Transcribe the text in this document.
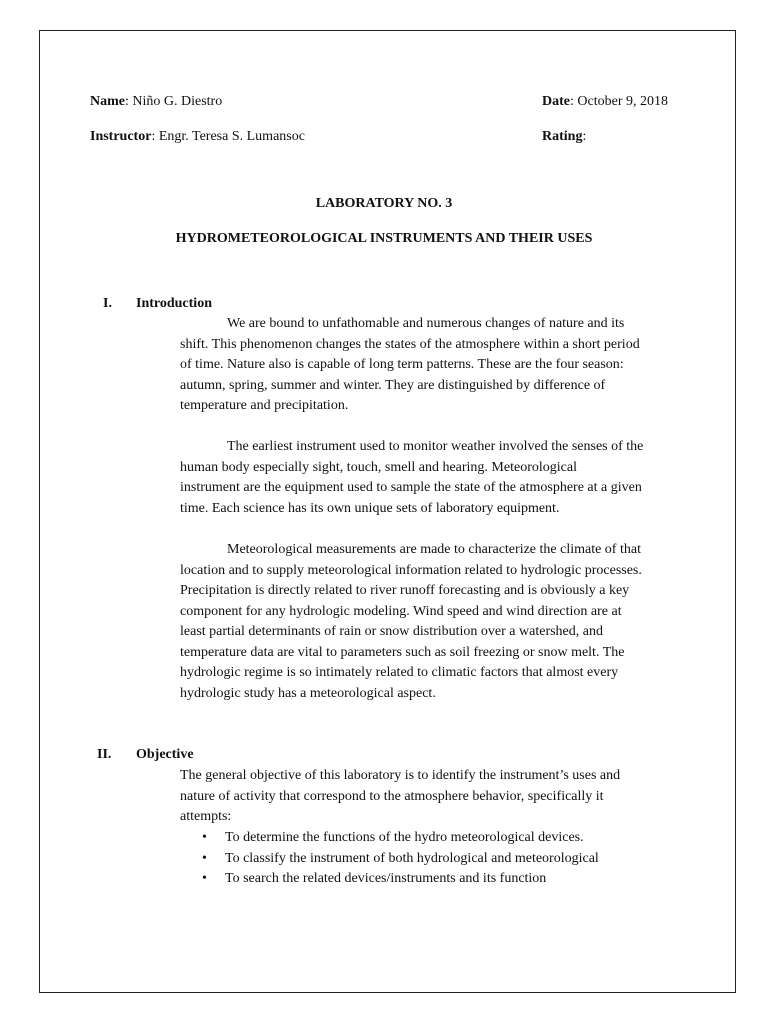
Name: Niño G. Diestro	Date: October 9, 2018
Instructor: Engr. Teresa S. Lumansoc	Rating:
LABORATORY NO. 3
HYDROMETEOROLOGICAL INSTRUMENTS AND THEIR USES
I. Introduction
We are bound to unfathomable and numerous changes of nature and its
shift. This phenomenon changes the states of the atmosphere within a short period
of time. Nature also is capable of long term patterns. These are the four season:
autumn, spring, summer and winter. They are distinguished by difference of
temperature and precipitation.
The earliest instrument used to monitor weather involved the senses of the
human body especially sight, touch, smell and hearing. Meteorological
instrument are the equipment used to sample the state of the atmosphere at a given
time. Each science has its own unique sets of laboratory equipment.
Meteorological measurements are made to characterize the climate of that
location and to supply meteorological information related to hydrologic processes.
Precipitation is directly related to river runoff forecasting and is obviously a key
component for any hydrologic modeling. Wind speed and wind direction are at
least partial determinants of rain or snow distribution over a watershed, and
temperature data are vital to parameters such as soil freezing or snow melt. The
hydrologic regime is so intimately related to climatic factors that almost every
hydrologic study has a meteorological aspect.
II. Objective
The general objective of this laboratory is to identify the instrument’s uses and
nature of activity that correspond to the atmosphere behavior, specifically it
attempts:
• To determine the functions of the hydro meteorological devices.
• To classify the instrument of both hydrological and meteorological
• To search the related devices/instruments and its function
